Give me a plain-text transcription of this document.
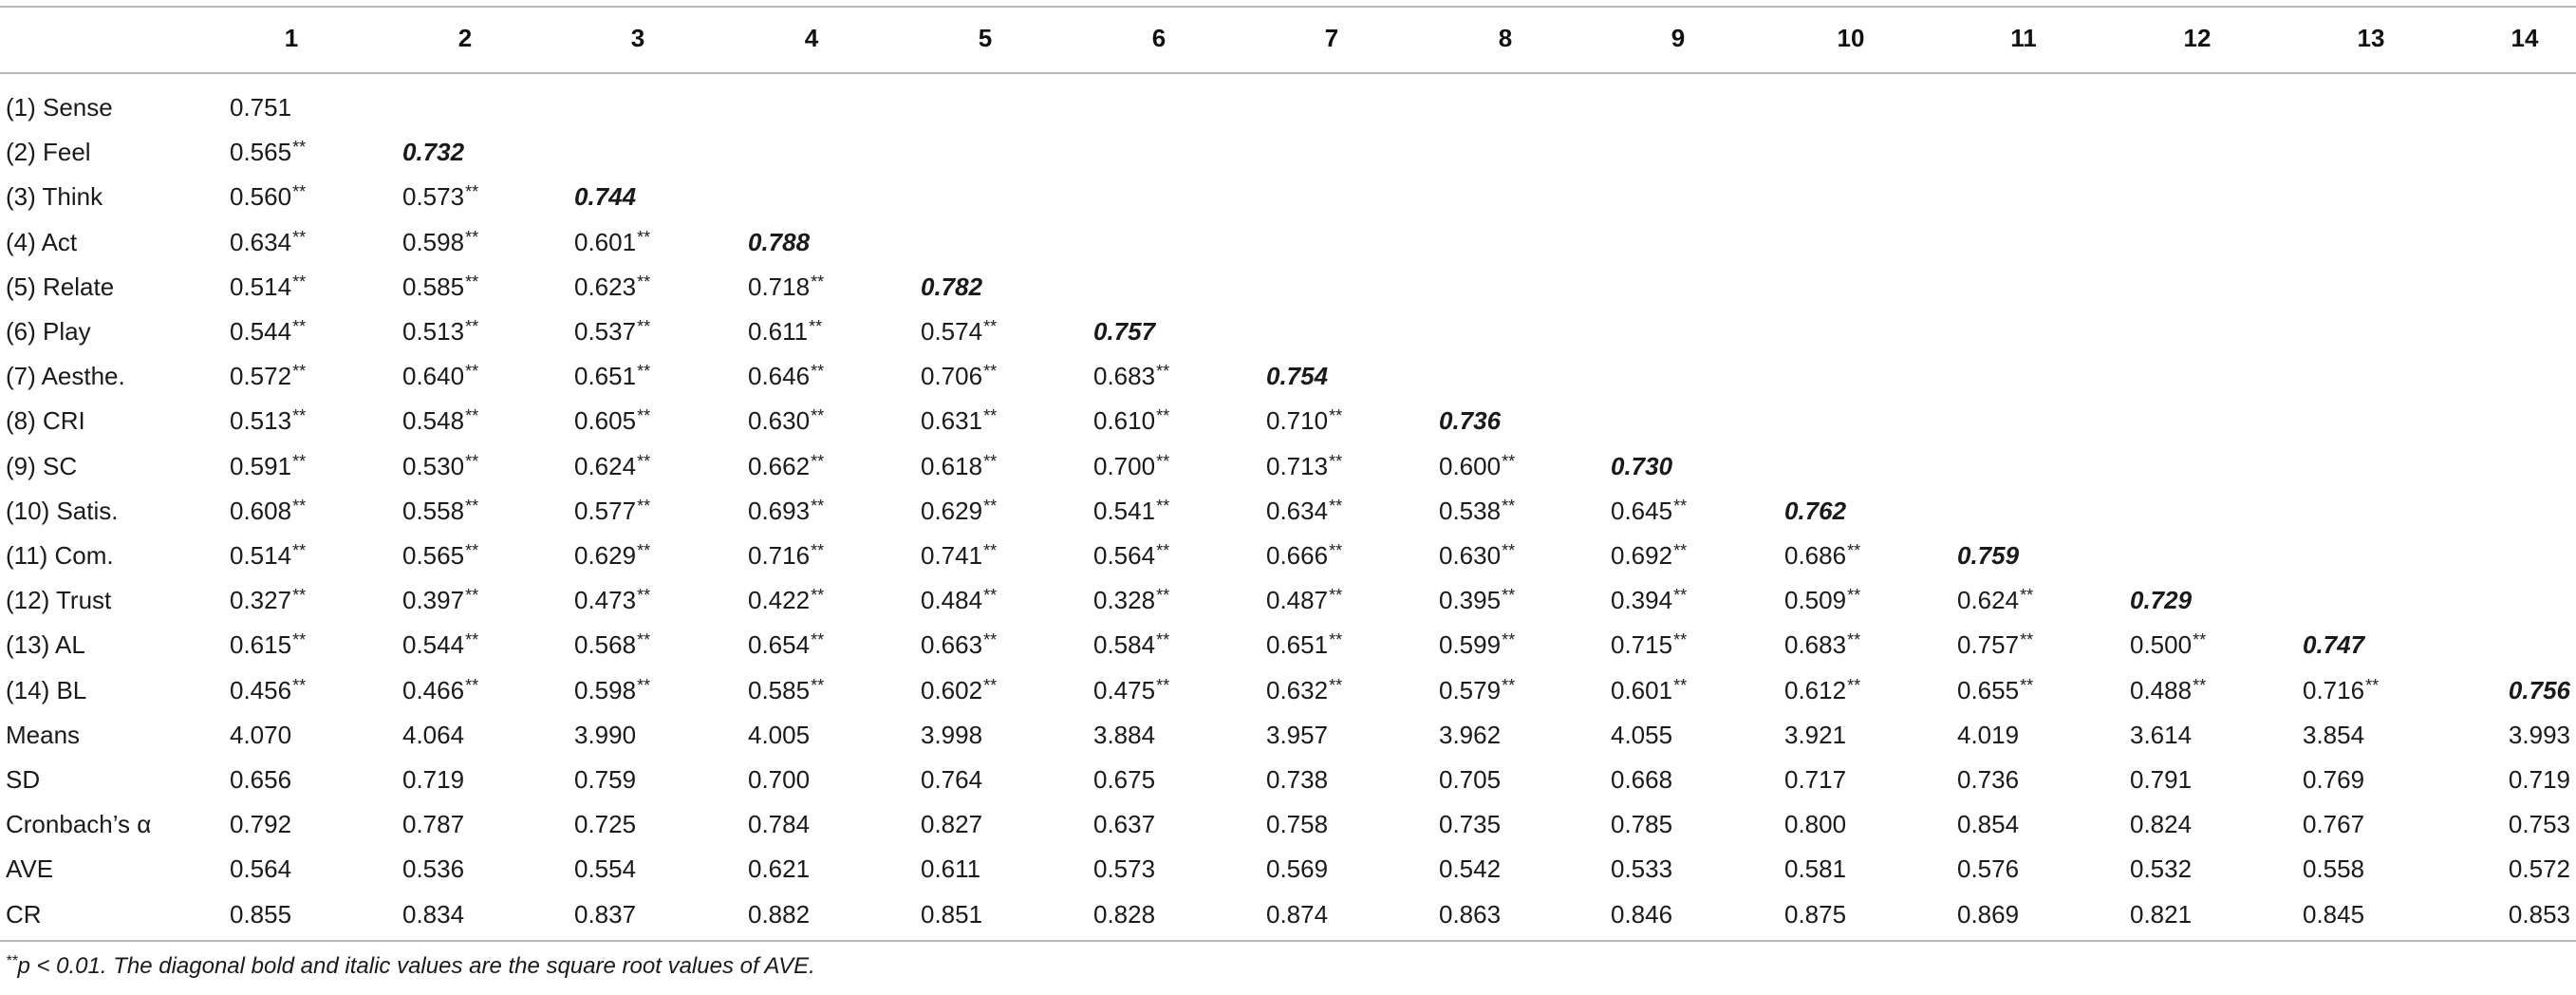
1	2	3	4	5	6	7	8	9	10	11	12	13	14
(1) Sense	0.751
(2) Feel	0.565**	0.732
(3) Think	0.560**	0.573**	0.744
(4) Act	0.634**	0.598**	0.601**	0.788
(5) Relate	0.514**	0.585**	0.623**	0.718**	0.782
(6) Play	0.544**	0.513**	0.537**	0.611**	0.574**	0.757
(7) Aesthe.	0.572**	0.640**	0.651**	0.646**	0.706**	0.683**	0.754
(8) CRI	0.513**	0.548**	0.605**	0.630**	0.631**	0.610**	0.710**	0.736
(9) SC	0.591**	0.530**	0.624**	0.662**	0.618**	0.700**	0.713**	0.600**	0.730
(10) Satis.	0.608**	0.558**	0.577**	0.693**	0.629**	0.541**	0.634**	0.538**	0.645**	0.762
(11) Com.	0.514**	0.565**	0.629**	0.716**	0.741**	0.564**	0.666**	0.630**	0.692**	0.686**	0.759
(12) Trust	0.327**	0.397**	0.473**	0.422**	0.484**	0.328**	0.487**	0.395**	0.394**	0.509**	0.624**	0.729
(13) AL	0.615**	0.544**	0.568**	0.654**	0.663**	0.584**	0.651**	0.599**	0.715**	0.683**	0.757**	0.500**	0.747
(14) BL	0.456**	0.466**	0.598**	0.585**	0.602**	0.475**	0.632**	0.579**	0.601**	0.612**	0.655**	0.488**	0.716**	0.756
Means	4.070	4.064	3.990	4.005	3.998	3.884	3.957	3.962	4.055	3.921	4.019	3.614	3.854	3.993
SD	0.656	0.719	0.759	0.700	0.764	0.675	0.738	0.705	0.668	0.717	0.736	0.791	0.769	0.719
Cronbach’s α	0.792	0.787	0.725	0.784	0.827	0.637	0.758	0.735	0.785	0.800	0.854	0.824	0.767	0.753
AVE	0.564	0.536	0.554	0.621	0.611	0.573	0.569	0.542	0.533	0.581	0.576	0.532	0.558	0.572
CR	0.855	0.834	0.837	0.882	0.851	0.828	0.874	0.863	0.846	0.875	0.869	0.821	0.845	0.853
**p < 0.01. The diagonal bold and italic values are the square root values of AVE.
